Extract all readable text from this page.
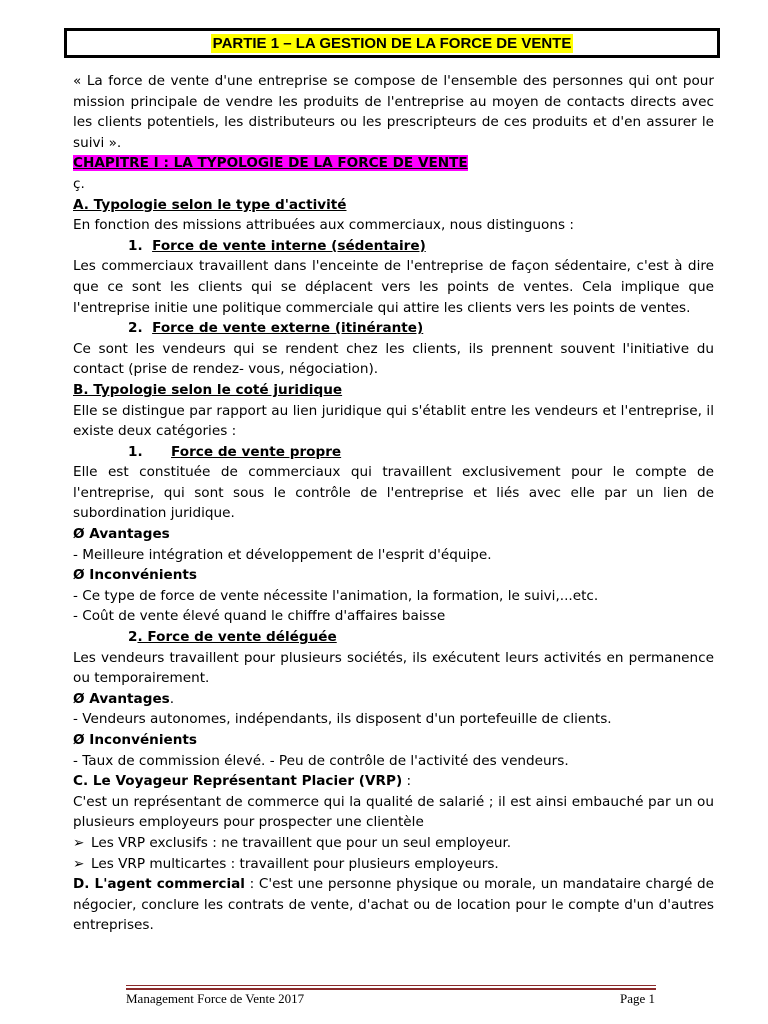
PARTIE 1 – LA GESTION DE LA FORCE DE VENTE

« La force de vente d'une entreprise se compose de l'ensemble des personnes qui ont pour mission principale de vendre les produits de l'entreprise au moyen de contacts directs avec les clients potentiels, les distributeurs ou les prescripteurs de ces produits et d'en assurer le suivi ».

CHAPITRE I : LA TYPOLOGIE DE LA FORCE DE VENTE

ç.

A. Typologie selon le type d'activité

En fonction des missions attribuées aux commerciaux, nous distinguons :

1. Force de vente interne (sédentaire)

Les commerciaux travaillent dans l'enceinte de l'entreprise de façon sédentaire, c'est à dire que ce sont les clients qui se déplacent vers les points de ventes. Cela implique que l'entreprise initie une politique commerciale qui attire les clients vers les points de ventes.

2. Force de vente externe (itinérante)

Ce sont les vendeurs qui se rendent chez les clients, ils prennent souvent l'initiative du contact (prise de rendez- vous, négociation).

B. Typologie selon le coté juridique

Elle se distingue par rapport au lien juridique qui s'établit entre les vendeurs et l'entreprise, il existe deux catégories :

1. Force de vente propre

Elle est constituée de commerciaux qui travaillent exclusivement pour le compte de l'entreprise, qui sont sous le contrôle de l'entreprise et liés avec elle par un lien de subordination juridique.

Ø Avantages

- Meilleure intégration et développement de l'esprit d'équipe.

Ø Inconvénients

- Ce type de force de vente nécessite l'animation, la formation, le suivi,...etc.

- Coût de vente élevé quand le chiffre d'affaires baisse

2. Force de vente déléguée

Les vendeurs travaillent pour plusieurs sociétés, ils exécutent leurs activités en permanence ou temporairement.

Ø Avantages.

- Vendeurs autonomes, indépendants, ils disposent d'un portefeuille de clients.

Ø Inconvénients

- Taux de commission élevé. - Peu de contrôle de l'activité des vendeurs.

C. Le Voyageur Représentant Placier (VRP) :

C'est un représentant de commerce qui la qualité de salarié ; il est ainsi embauché par un ou plusieurs employeurs pour prospecter une clientèle

➢ Les VRP exclusifs : ne travaillent que pour un seul employeur.

➢ Les VRP multicartes : travaillent pour plusieurs employeurs.

D. L'agent commercial : C'est une personne physique ou morale, un mandataire chargé de négocier, conclure les contrats de vente, d'achat ou de location pour le compte d'un d'autres entreprises.

Management Force de Vente 2017	Page 1
